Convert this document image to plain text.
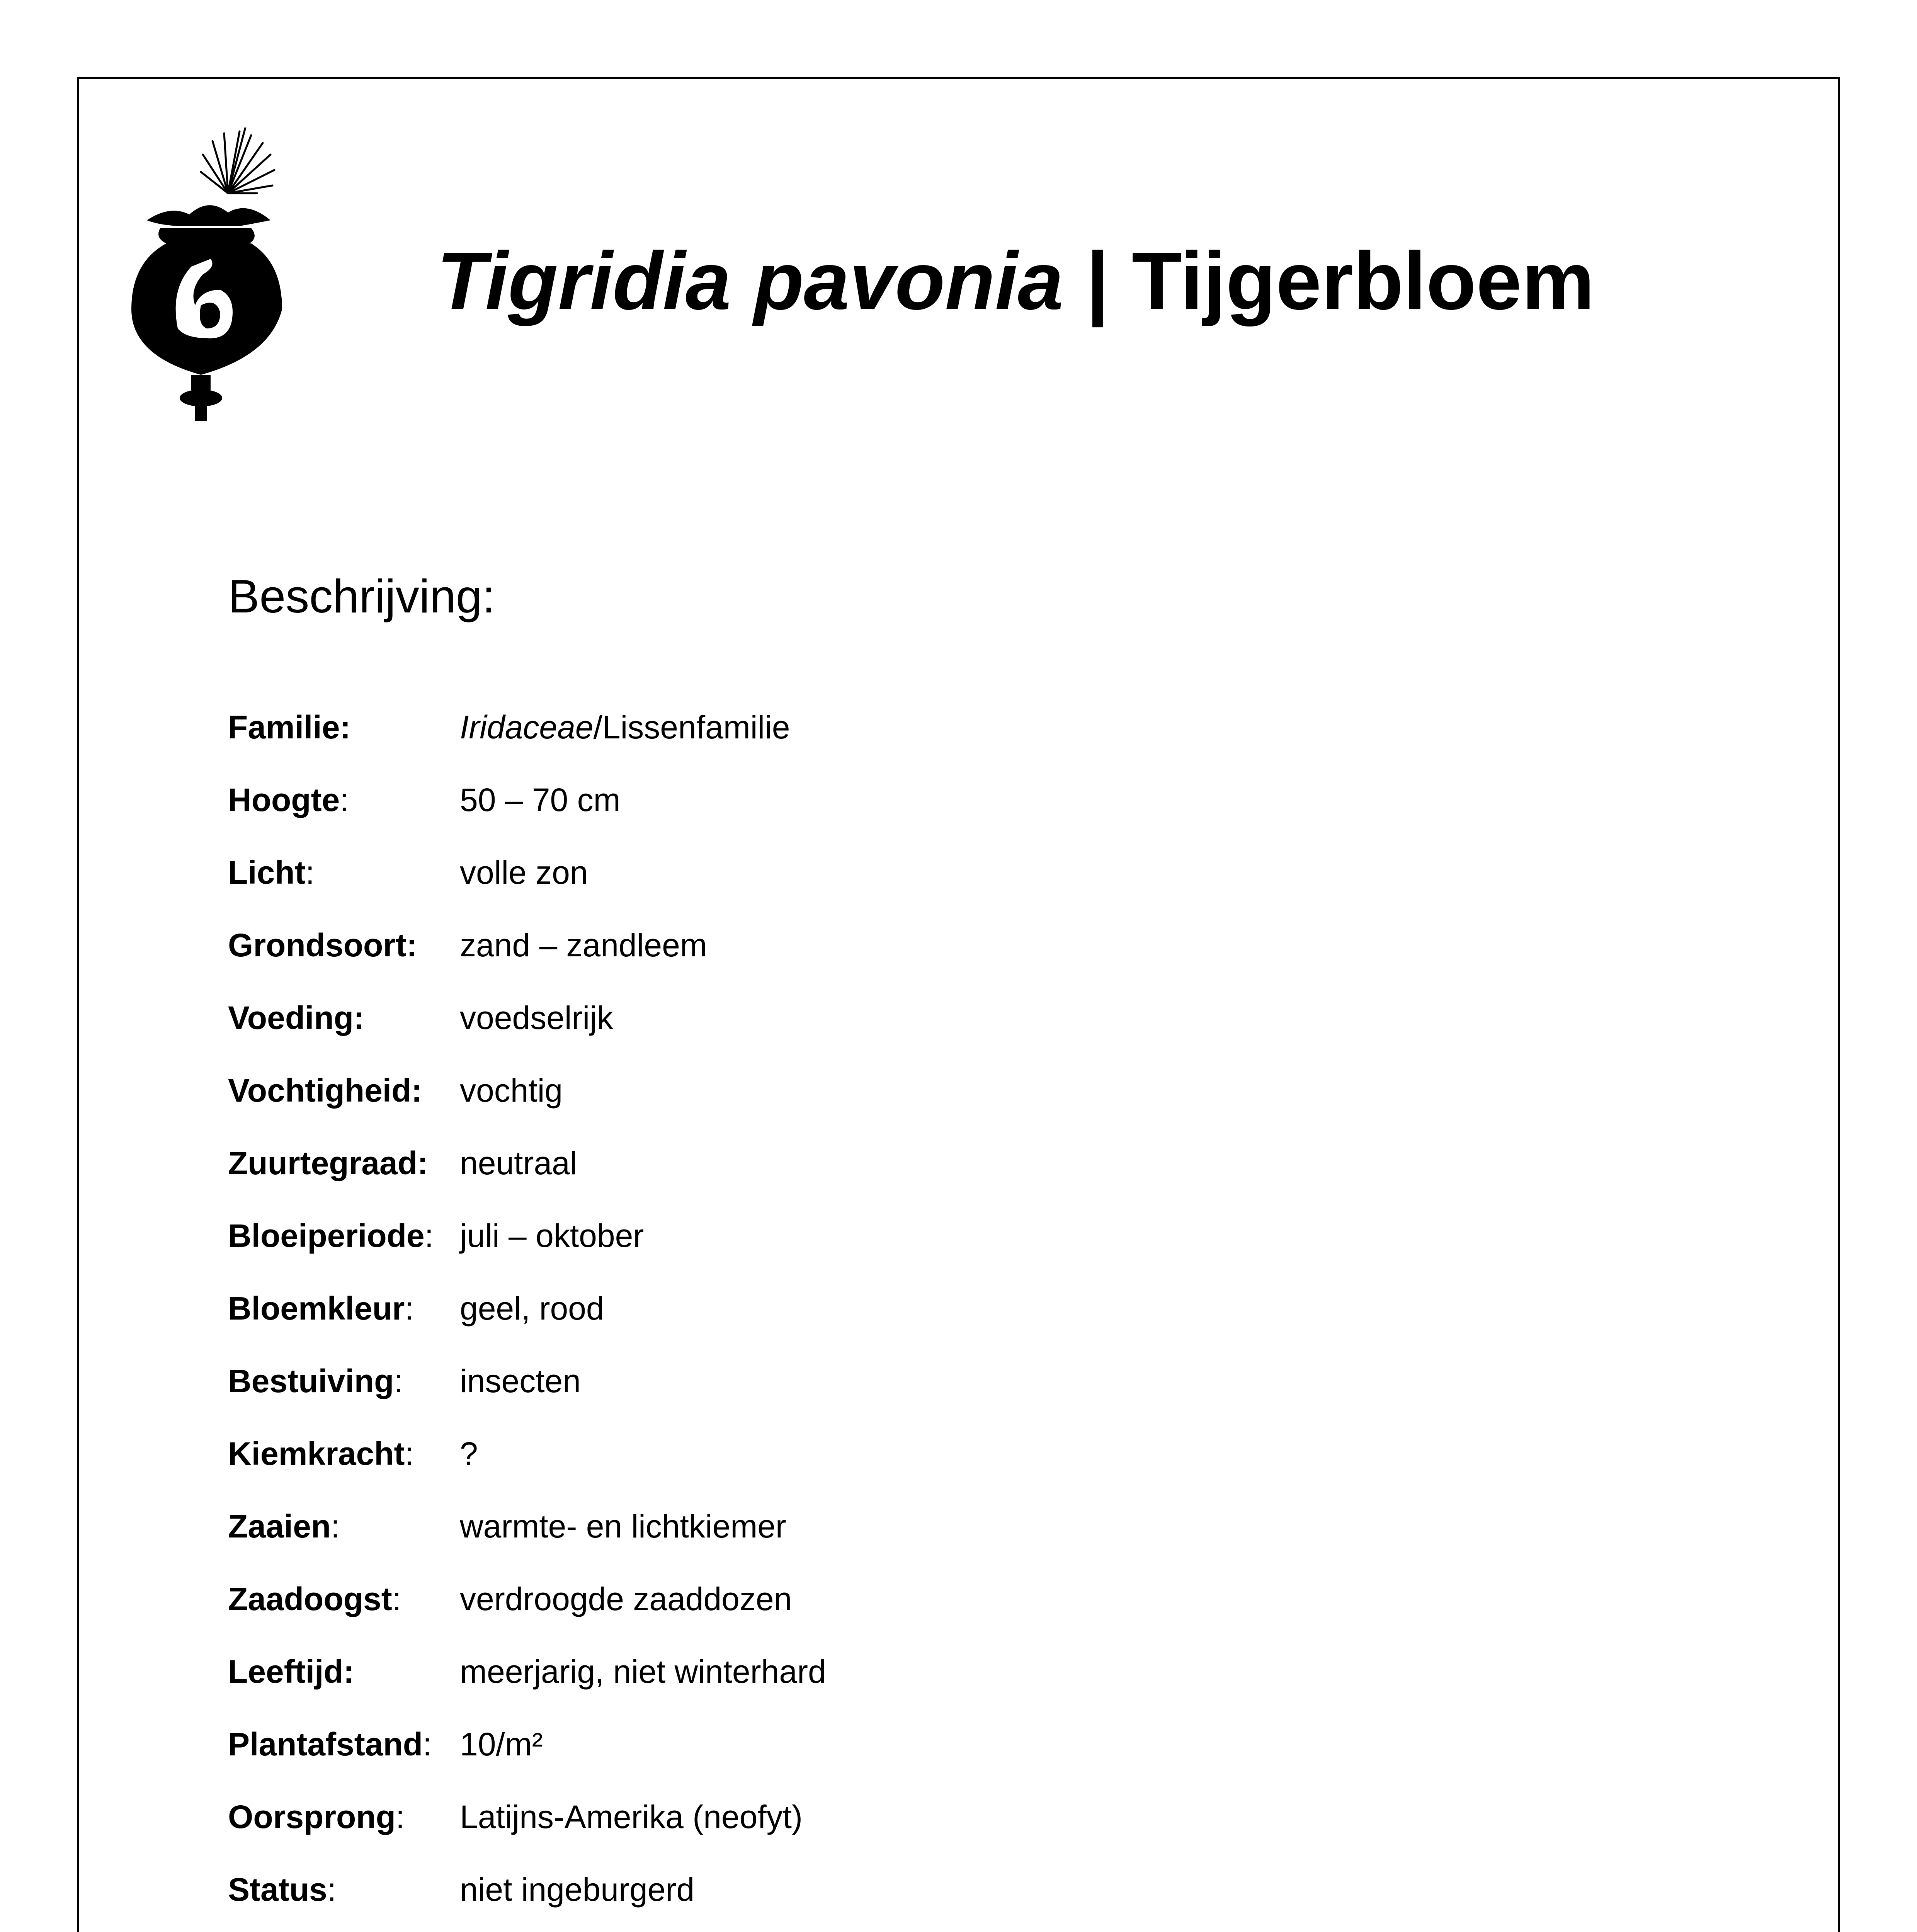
Tigridia pavonia | Tijgerbloem
Beschrijving:
Familie:	Iridaceae/Lissenfamilie
Hoogte:	50 – 70 cm
Licht:	volle zon
Grondsoort:	zand – zandleem
Voeding:	voedselrijk
Vochtigheid:	vochtig
Zuurtegraad: neutraal
Bloeiperiode: juli – oktober
Bloemkleur:	geel, rood
Bestuiving:	insecten
Kiemkracht:	?
Zaaien:	warmte- en lichtkiemer
Zaadoogst:	verdroogde zaaddozen
Leeftijd:	meerjarig, niet winterhard
Plantafstand: 10/m²
Oorsprong:	Latijns-Amerika (neofyt)
Status:	niet ingeburgerd
